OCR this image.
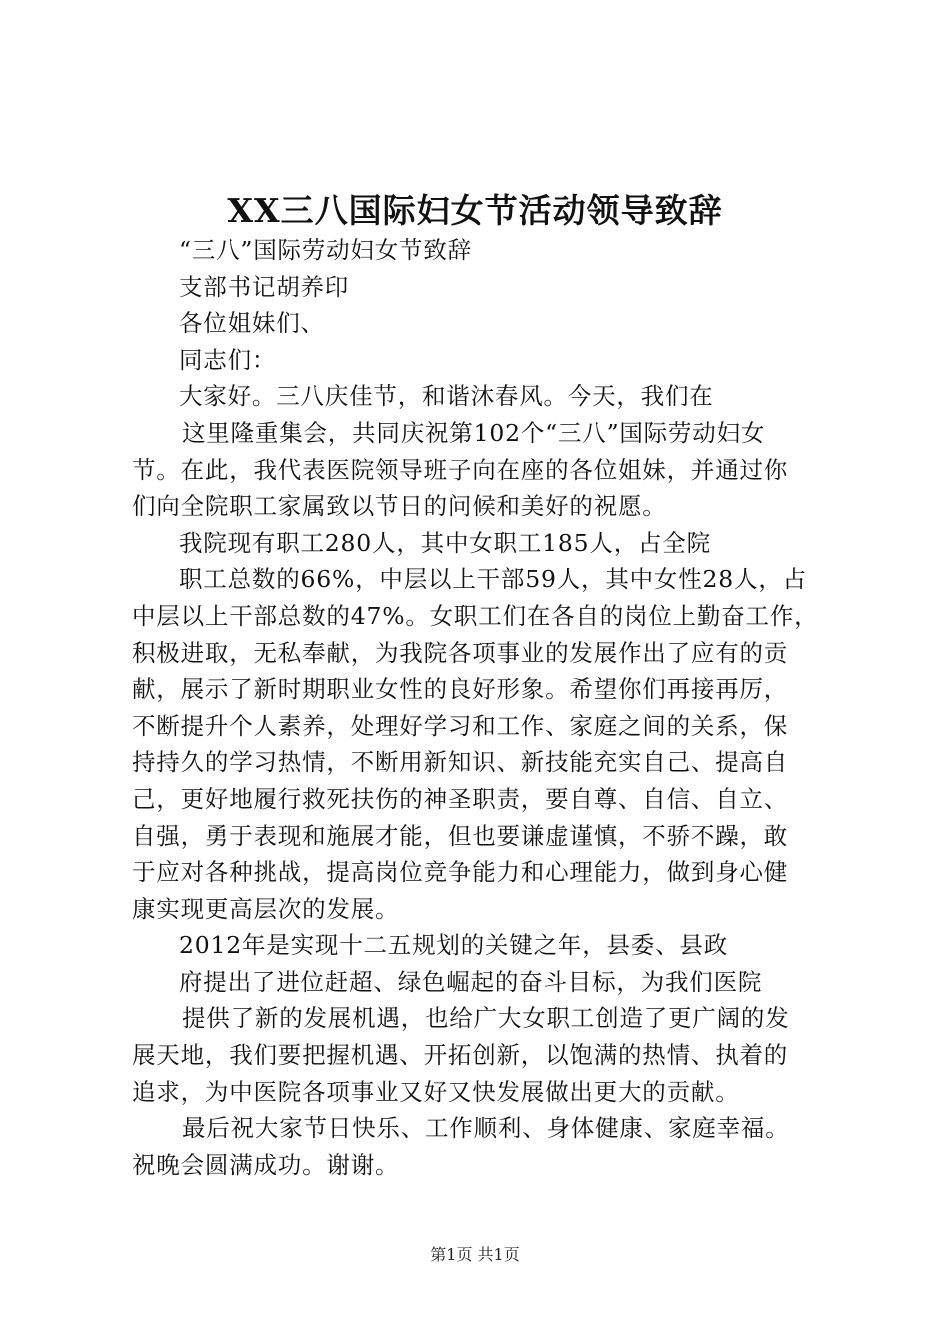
XX三八国际妇女节活动领导致辞
“三八”国际劳动妇女节致辞
支部书记胡养印
各位姐妹们、
同志们：
大家好。三八庆佳节，和谐沐春风。今天，我们在
这里隆重集会，共同庆祝第102个“三八”国际劳动妇女
节。在此，我代表医院领导班子向在座的各位姐妹，并通过你
们向全院职工家属致以节日的问候和美好的祝愿。
我院现有职工280人，其中女职工185人，占全院
职工总数的66%，中层以上干部59人，其中女性28人，占
中层以上干部总数的47%。女职工们在各自的岗位上勤奋工作，
积极进取，无私奉献，为我院各项事业的发展作出了应有的贡
献，展示了新时期职业女性的良好形象。希望你们再接再厉，
不断提升个人素养，处理好学习和工作、家庭之间的关系，保
持持久的学习热情，不断用新知识、新技能充实自己、提高自
己，更好地履行救死扶伤的神圣职责，要自尊、自信、自立、
自强，勇于表现和施展才能，但也要谦虚谨慎，不骄不躁，敢
于应对各种挑战，提高岗位竞争能力和心理能力，做到身心健
康实现更高层次的发展。
2012年是实现十二五规划的关键之年，县委、县政
府提出了进位赶超、绿色崛起的奋斗目标，为我们医院
提供了新的发展机遇，也给广大女职工创造了更广阔的发
展天地，我们要把握机遇、开拓创新，以饱满的热情、执着的
追求，为中医院各项事业又好又快发展做出更大的贡献。
最后祝大家节日快乐、工作顺利、身体健康、家庭幸福。
祝晚会圆满成功。谢谢。
第1页 共1页
